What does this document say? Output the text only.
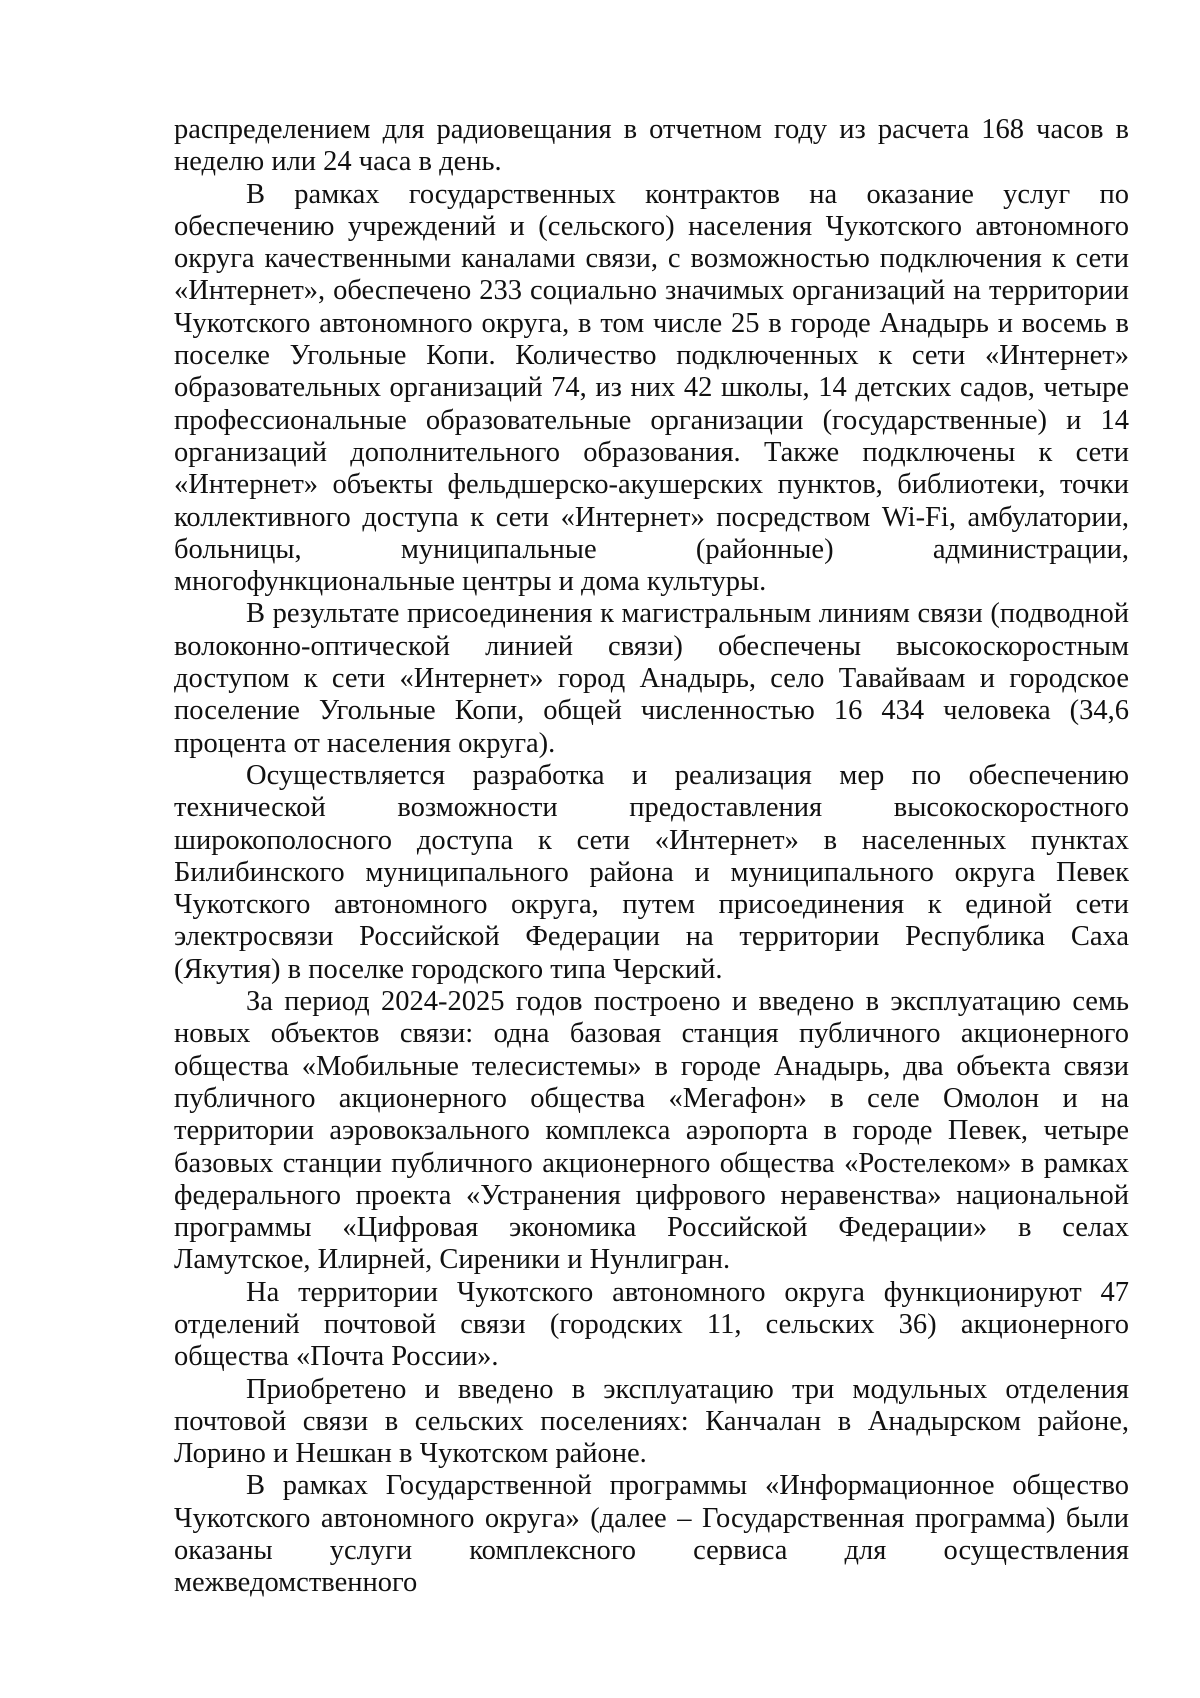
распределением для радиовещания в отчетном году из расчета 168 часов в неделю или 24 часа в день.

В рамках государственных контрактов на оказание услуг по обеспечению учреждений и (сельского) населения Чукотского автономного округа качественными каналами связи, с возможностью подключения к сети «Интернет», обеспечено 233 социально значимых организаций на территории Чукотского автономного округа, в том числе 25 в городе Анадырь и восемь в поселке Угольные Копи. Количество подключенных к сети «Интернет» образовательных организаций 74, из них 42 школы, 14 детских садов, четыре профессиональные образовательные организации (государственные) и 14 организаций дополнительного образования. Также подключены к сети «Интернет» объекты фельдшерско-акушерских пунктов, библиотеки, точки коллективного доступа к сети «Интернет» посредством Wi-Fi, амбулатории, больницы, муниципальные (районные) администрации, многофункциональные центры и дома культуры.

В результате присоединения к магистральным линиям связи (подводной волоконно-оптической линией связи) обеспечены высокоскоростным доступом к сети «Интернет» город Анадырь, село Тавайваам и городское поселение Угольные Копи, общей численностью 16 434 человека (34,6 процента от населения округа).

Осуществляется разработка и реализация мер по обеспечению технической возможности предоставления высокоскоростного широкополосного доступа к сети «Интернет» в населенных пунктах Билибинского муниципального района и муниципального округа Певек Чукотского автономного округа, путем присоединения к единой сети электросвязи Российской Федерации на территории Республика Саха (Якутия) в поселке городского типа Черский.

За период 2024-2025 годов построено и введено в эксплуатацию семь новых объектов связи: одна базовая станция публичного акционерного общества «Мобильные телесистемы» в городе Анадырь, два объекта связи публичного акционерного общества «Мегафон» в селе Омолон и на территории аэровокзального комплекса аэропорта в городе Певек, четыре базовых станции публичного акционерного общества «Ростелеком» в рамках федерального проекта «Устранения цифрового неравенства» национальной программы «Цифровая экономика Российской Федерации» в селах Ламутское, Илирней, Сиреники и Нунлигран.

На территории Чукотского автономного округа функционируют 47 отделений почтовой связи (городских 11, сельских 36) акционерного общества «Почта России».

Приобретено и введено в эксплуатацию три модульных отделения почтовой связи в сельских поселениях: Канчалан в Анадырском районе, Лорино и Нешкан в Чукотском районе.

В рамках Государственной программы «Информационное общество Чукотского автономного округа» (далее – Государственная программа) были оказаны услуги комплексного сервиса для осуществления межведомственного
